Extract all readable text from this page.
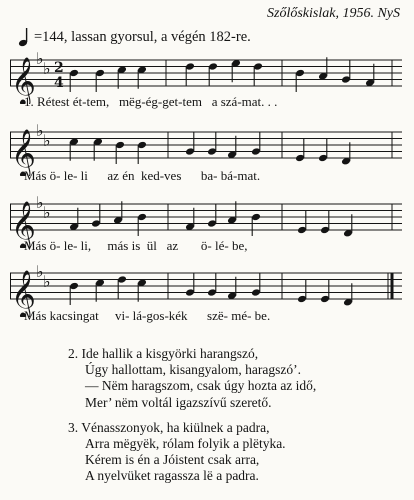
Szőlőskislak, 1956. NyS
=144, lassan gyorsul, a végén 182-re.
𝄞 ♭
♭ 2
4
1. Rétest ét-tem,   mëg-ég-get-tem   a szá-mat. . .
𝄞 ♭
♭
Más ö- le- li      az én  ked-ves      ba- bá-mat.
𝄞 ♭
♭
Más ö- le- li,     más is  ül   az       ö- lé- be,
𝄞 ♭
♭
Más kacsingat     vi- lá-gos-kék      szë- mé- be.
2. Ide hallik a kisgyörki harangszó,
Úgy hallottam, kisangyalom, haragszó’.
— Nëm haragszom, csak úgy hozta az idő,
Mer’ nëm voltál igazszívű szerető.
3. Vénasszonyok, ha kiülnek a padra,
Arra mëgyëk, rólam folyik a plëtyka.
Kérem is én a Jóistent csak arra,
A nyelvüket ragassza lë a padra.
